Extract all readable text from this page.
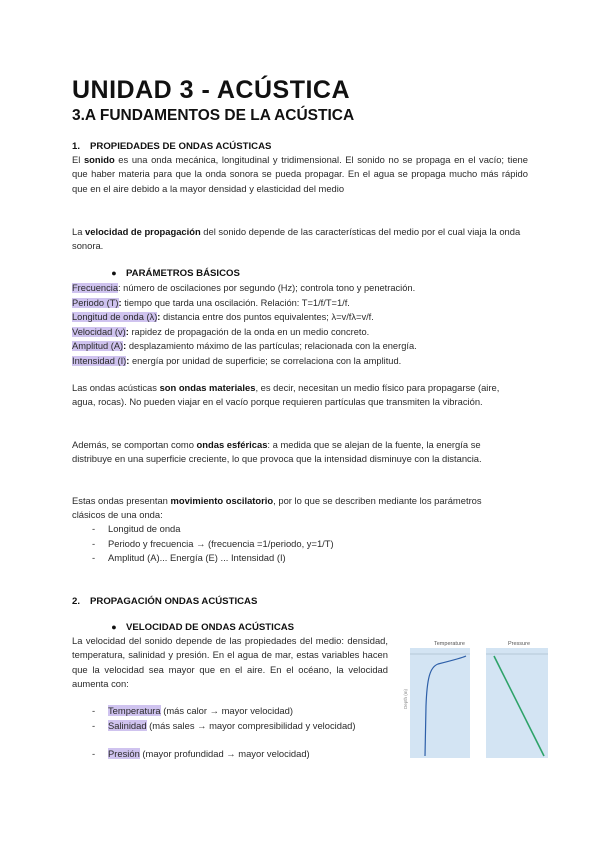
UNIDAD 3 - ACÚSTICA
3.A FUNDAMENTOS DE LA ACÚSTICA

1. PROPIEDADES DE ONDAS ACÚSTICAS

El sonido es una onda mecánica, longitudinal y tridimensional. El sonido no se propaga en el vacío; tiene que haber materia para que la onda sonora se pueda propagar. En el agua se propaga mucho más rápido que en el aire debido a la mayor densidad y elasticidad del medio

La velocidad de propagación del sonido depende de las características del medio por el cual viaja la onda sonora.

● PARÁMETROS BÁSICOS

Frecuencia: número de oscilaciones por segundo (Hz); controla tono y penetración.

Periodo (T): tiempo que tarda una oscilación. Relación: T=1/f/T=1/f.

Longitud de onda (λ): distancia entre dos puntos equivalentes; λ=v/fλ=v/f.

Velocidad (v): rapidez de propagación de la onda en un medio concreto.

Amplitud (A): desplazamiento máximo de las partículas; relacionada con la energía.

Intensidad (I): energía por unidad de superficie; se correlaciona con la amplitud.

Las ondas acústicas son ondas materiales, es decir, necesitan un medio físico para propagarse (aire, agua, rocas). No pueden viajar en el vacío porque requieren partículas que transmiten la vibración.

Además, se comportan como ondas esféricas: a medida que se alejan de la fuente, la energía se distribuye en una superficie creciente, lo que provoca que la intensidad disminuye con la distancia.

Estas ondas presentan movimiento oscilatorio, por lo que se describen mediante los parámetros clásicos de una onda:

- Longitud de onda

- Periodo y frecuencia → (frecuencia =1/periodo, y=1/T)

- Amplitud (A)... Energía (E) ... Intensidad (I)

2. PROPAGACIÓN ONDAS ACÚSTICAS

● VELOCIDAD DE ONDAS ACÚSTICAS

La velocidad del sonido depende de las propiedades del medio: densidad, temperatura, salinidad y presión. En el agua de mar, estas variables hacen que la velocidad sea mayor que en el aire. En el océano, la velocidad aumenta con:

- Temperatura (más calor → mayor velocidad)

- Salinidad (más sales → mayor compresibilidad y velocidad)

- Presión (mayor profundidad → mayor velocidad)

Temperature	Pressure
Depth (m)
